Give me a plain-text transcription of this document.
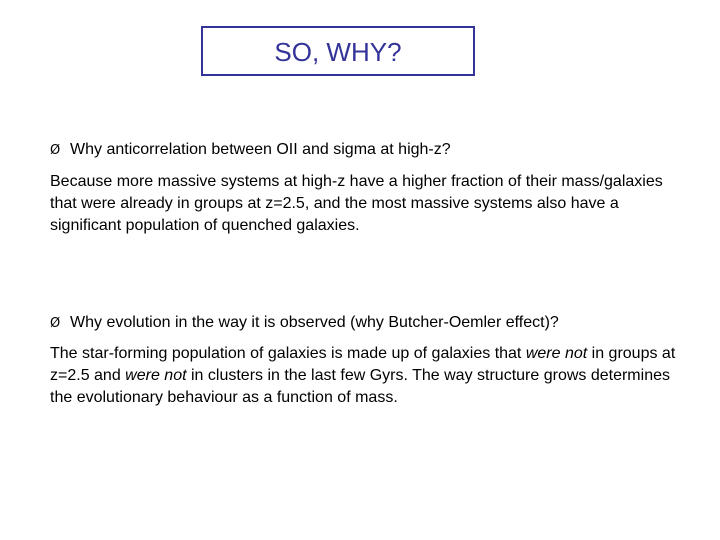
SO, WHY?
Ø Why anticorrelation between OII and sigma at high-z?
Because more massive systems at high-z have a higher fraction of their mass/galaxies that were already in groups at z=2.5, and the most massive systems also have a significant population of quenched galaxies.
Ø Why evolution in the way it is observed (why Butcher-Oemler effect)?
The star-forming population of galaxies is made up of galaxies that were not in groups at z=2.5 and were not in clusters in the last few Gyrs. The way structure grows determines the evolutionary behaviour as a function of mass.
